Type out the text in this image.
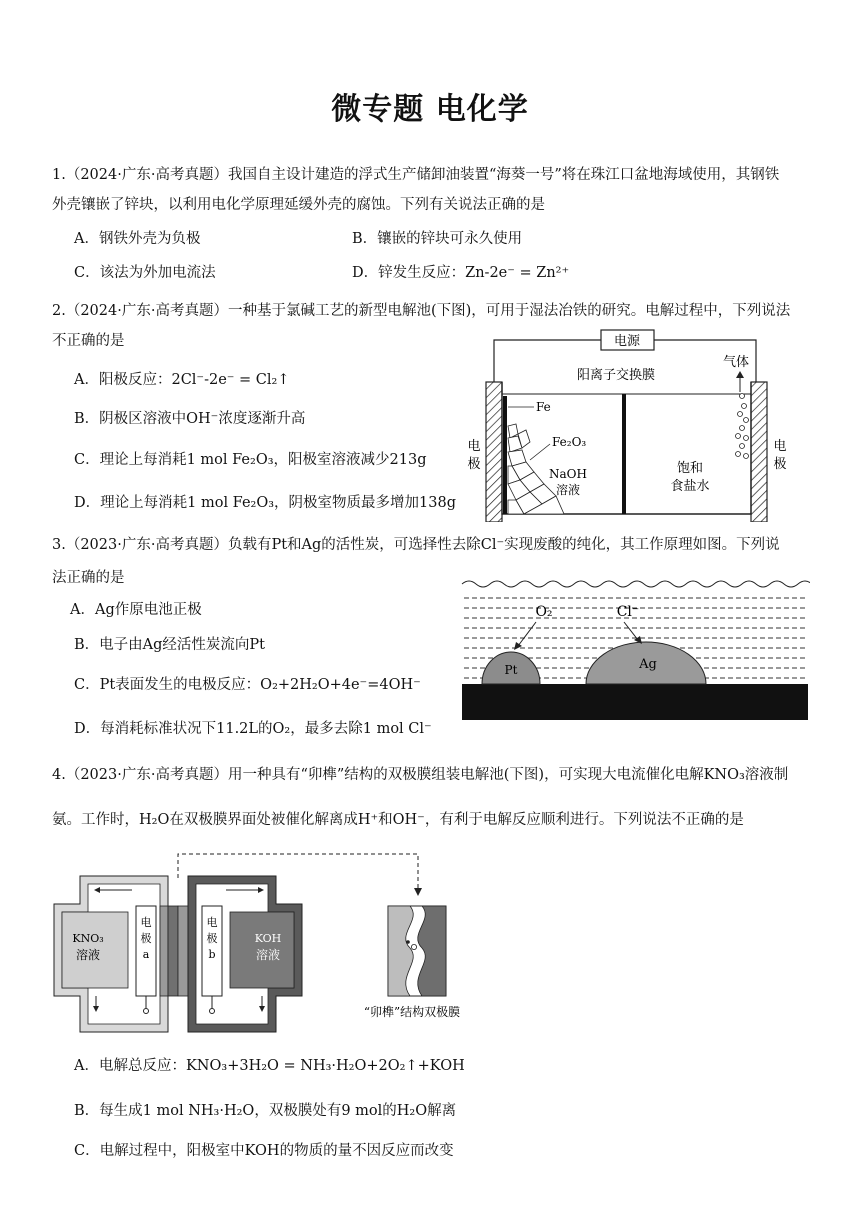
微专题 电化学
1.（2024·广东·高考真题）我国自主设计建造的浮式生产储卸油装置“海葵一号”将在珠江口盆地海域使用，其钢铁
外壳镶嵌了锌块，以利用电化学原理延缓外壳的腐蚀。下列有关说法正确的是
A．钢铁外壳为负极	B．镶嵌的锌块可永久使用
C．该法为外加电流法	D．锌发生反应：Zn-2e⁻ = Zn²⁺
2.（2024·广东·高考真题）一种基于氯碱工艺的新型电解池(下图)，可用于湿法冶铁的研究。电解过程中，下列说法
不正确的是
A．阳极反应：2Cl⁻-2e⁻ = Cl₂↑
B．阴极区溶液中OH⁻浓度逐渐升高
C．理论上每消耗1 mol Fe₂O₃，阳极室溶液减少213g
D．理论上每消耗1 mol Fe₂O₃，阴极室物质最多增加138g
电源
阳离子交换膜
Fe
Fe₂O₃
NaOH
溶液
饱和
食盐水
气体
电极
电极
3.（2023·广东·高考真题）负载有Pt和Ag的活性炭，可选择性去除Cl⁻实现废酸的纯化，其工作原理如图。下列说
法正确的是
A．Ag作原电池正极
B．电子由Ag经活性炭流向Pt
C．Pt表面发生的电极反应：O₂+2H₂O+4e⁻=4OH⁻
D．每消耗标准状况下11.2L的O₂，最多去除1 mol Cl⁻
Pt	Ag
O₂	Cl⁻
4.（2023·广东·高考真题）用一种具有“卯榫”结构的双极膜组装电解池(下图)，可实现大电流催化电解KNO₃溶液制
氨。工作时，H₂O在双极膜界面处被催化解离成H⁺和OH⁻，有利于电解反应顺利进行。下列说法不正确的是
KNO₃
溶液
电
极
a
KOH
溶液
电
极
b
“卯榫”结构双极膜
A．电解总反应：KNO₃+3H₂O = NH₃·H₂O+2O₂↑+KOH
B．每生成1 mol NH₃·H₂O，双极膜处有9 mol的H₂O解离
C．电解过程中，阳极室中KOH的物质的量不因反应而改变
